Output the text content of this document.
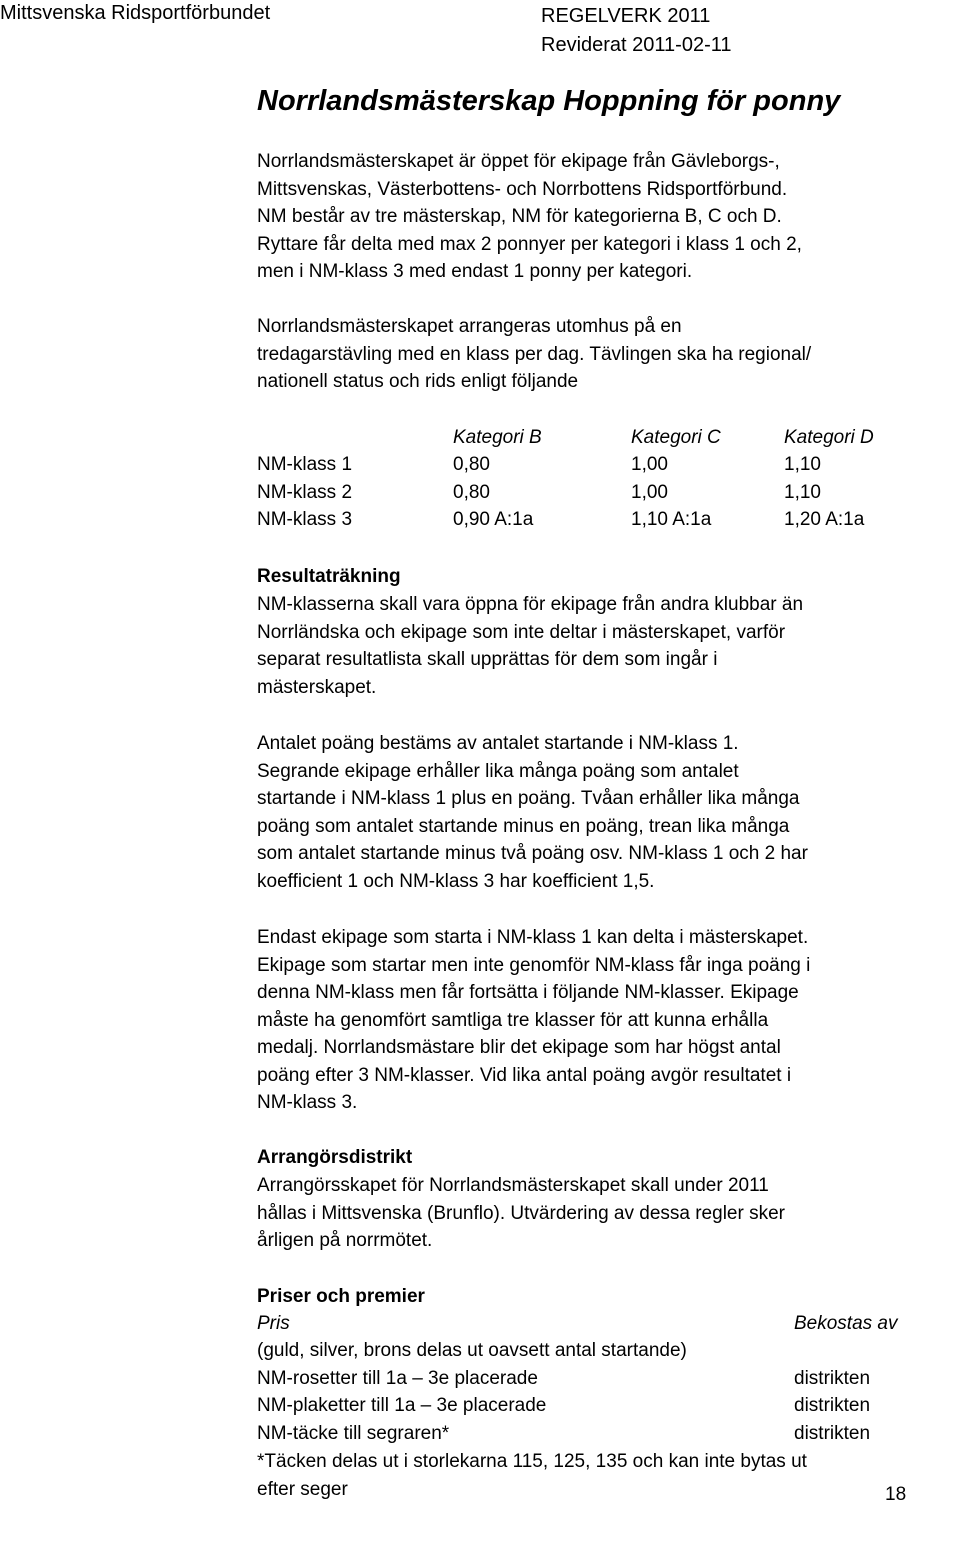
Mittsvenska Ridsportförbundet	REGELVERK 2011
Reviderat 2011-02-11
Norrlandsmästerskap Hoppning för ponny
Norrlandsmästerskapet är öppet för ekipage från Gävleborgs-,
Mittsvenskas, Västerbottens- och Norrbottens Ridsportförbund.
NM består av tre mästerskap, NM för kategorierna B, C och D.
Ryttare får delta med max 2 ponnyer per kategori i klass 1 och 2,
men i NM-klass 3 med endast 1 ponny per kategori.
Norrlandsmästerskapet arrangeras utomhus på en
tredagarstävling med en klass per dag. Tävlingen ska ha regional/
nationell status och rids enligt följande
	Kategori B	Kategori C	Kategori D
NM-klass 1	0,80	1,00	1,10
NM-klass 2	0,80	1,00	1,10
NM-klass 3	0,90 A:1a	1,10 A:1a	1,20 A:1a
Resultaträkning
NM-klasserna skall vara öppna för ekipage från andra klubbar än
Norrländska och ekipage som inte deltar i mästerskapet, varför
separat resultatlista skall upprättas för dem som ingår i
mästerskapet.
Antalet poäng bestäms av antalet startande i NM-klass 1.
Segrande ekipage erhåller lika många poäng som antalet
startande i NM-klass 1 plus en poäng. Tvåan erhåller lika många
poäng som antalet startande minus en poäng, trean lika många
som antalet startande minus två poäng osv. NM-klass 1 och 2 har
koefficient 1 och NM-klass 3 har koefficient 1,5.
Endast ekipage som starta i NM-klass 1 kan delta i mästerskapet.
Ekipage som startar men inte genomför NM-klass får inga poäng i
denna NM-klass men får fortsätta i följande NM-klasser. Ekipage
måste ha genomfört samtliga tre klasser för att kunna erhålla
medalj. Norrlandsmästare blir det ekipage som har högst antal
poäng efter 3 NM-klasser. Vid lika antal poäng avgör resultatet i
NM-klass 3.
Arrangörsdistrikt
Arrangörsskapet för Norrlandsmästerskapet skall under 2011
hållas i Mittsvenska (Brunflo). Utvärdering av dessa regler sker
årligen på norrmötet.
Priser och premier
Pris	Bekostas av
(guld, silver, brons delas ut oavsett antal startande)	
NM-rosetter till 1a – 3e placerade	distrikten
NM-plaketter till 1a – 3e placerade	distrikten
NM-täcke till segraren*	distrikten
*Täcken delas ut i storlekarna 115, 125, 135 och kan inte bytas ut
efter seger	18
